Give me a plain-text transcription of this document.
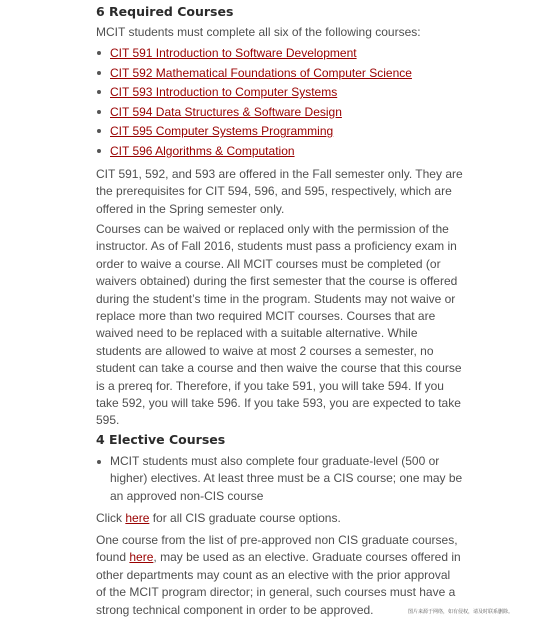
6 Required Courses

MCIT students must complete all six of the following courses:

CIT 591 Introduction to Software Development
CIT 592 Mathematical Foundations of Computer Science
CIT 593 Introduction to Computer Systems
CIT 594 Data Structures & Software Design
CIT 595 Computer Systems Programming
CIT 596 Algorithms & Computation
CIT 591, 592, and 593 are offered in the Fall semester only. They are
the prerequisites for CIT 594, 596, and 595, respectively, which are
offered in the Spring semester only.
Courses can be waived or replaced only with the permission of the
instructor. As of Fall 2016, students must pass a proficiency exam in
order to waive a course. All MCIT courses must be completed (or
waivers obtained) during the first semester that the course is offered
during the student’s time in the program. Students may not waive or
replace more than two required MCIT courses. Courses that are
waived need to be replaced with a suitable alternative. While
students are allowed to waive at most 2 courses a semester, no
student can take a course and then waive the course that this course
is a prereq for. Therefore, if you take 591, you will take 594. If you
take 592, you will take 596. If you take 593, you are expected to take
595.
4 Elective Courses
MCIT students must also complete four graduate-level (500 or
higher) electives. At least three must be a CIS course; one may be
an approved non-CIS course
Click here for all CIS graduate course options.
One course from the list of pre-approved non CIS graduate courses,
found here, may be used as an elective. Graduate courses offered in
other departments may count as an elective with the prior approval
of the MCIT program director; in general, such courses must have a
strong technical component in order to be approved.	图片来源于网络，如有侵权，请及时联系删除。
